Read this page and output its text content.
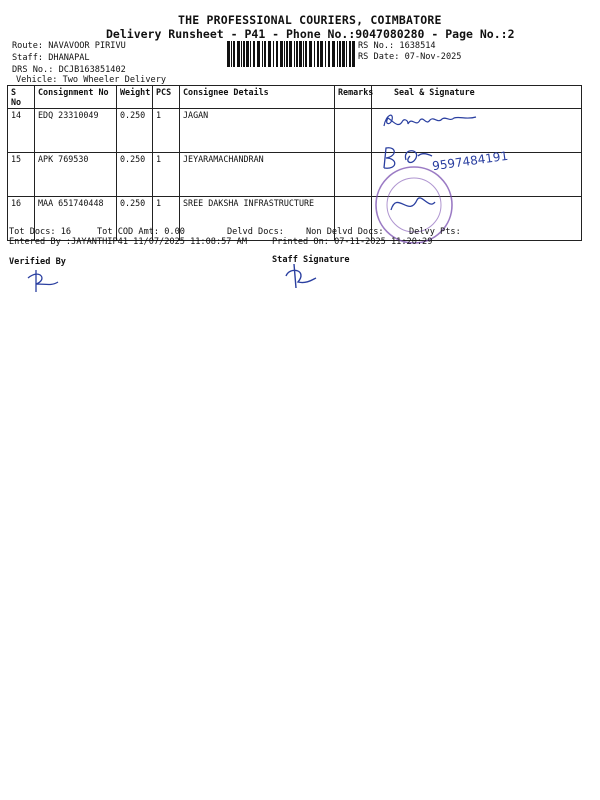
THE PROFESSIONAL COURIERS, COIMBATORE
Delivery Runsheet - P41 - Phone No.:9047080280 - Page No.:2
Route: NAVAVOOR PIRIVU
Staff: DHANAPAL
DRS No.: DCJB163851402
Vehicle: Two Wheeler Delivery
RS No.: 1638514
RS Date: 07-Nov-2025
S No	Consignment No	Weight	PCS	Consignee Details	Remarks	Seal & Signature
14	EDQ 23310049	0.250	1	JAGAN		
15	APK 769530	0.250	1	JEYARAMACHANDRAN		
16	MAA 651740448	0.250	1	SREE DAKSHA INFRASTRUCTURE		
9597484191
Tot Docs: 16	Tot COD Amt: 0.00	Delvd Docs:	Non Delvd Docs:	Delvy Pts:
Entered By :JAYANTHIP41 11/07/2025 11:08:57 AM	Printed On: 07-11-2025 11:20:29
Verified By	Staff Signature
